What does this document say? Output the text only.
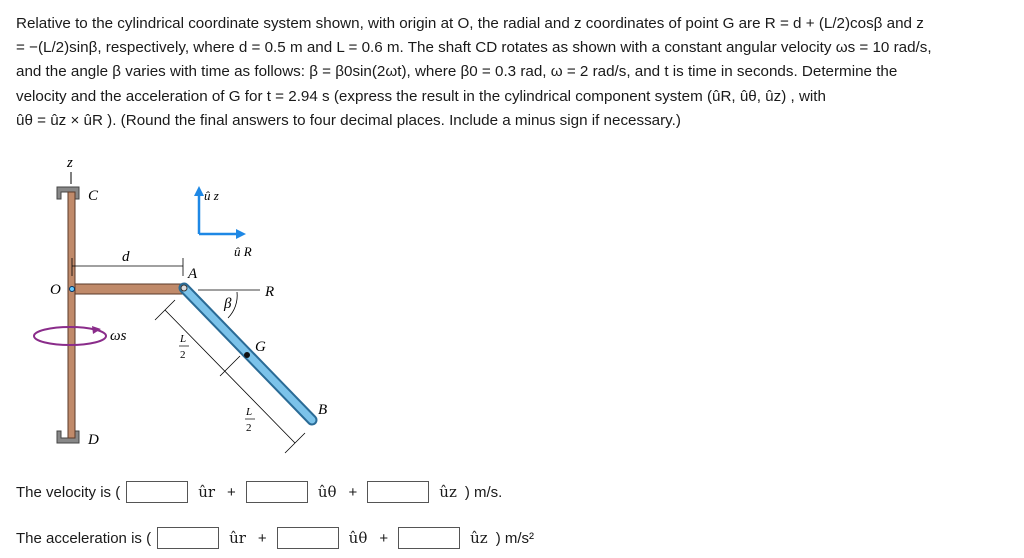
Relative to the cylindrical coordinate system shown, with origin at O, the radial and z coordinates of point G are R = d + (L/2)cosβ and z
= −(L/2)sinβ, respectively, where d = 0.5 m and L = 0.6 m. The shaft CD rotates as shown with a constant angular velocity ωs = 10 rad/s,
and the angle β varies with time as follows: β = β0sin(2ωt), where β0 = 0.3 rad, ω = 2 rad/s, and t is time in seconds. Determine the
velocity and the acceleration of G for t = 2.94 s (express the result in the cylindrical component system (ûR, ûθ, ûz) , with
ûθ = ûz × ûR ). (Round the final answers to four decimal places. Include a minus sign if necessary.)
z
C
D
O
d
A
R
G
B
β
L
2
L
2
ωs
û z
û R
The velocity is (	ûr +	ûθ +	ûz ) m/s.
The acceleration is (	ûr +	ûθ +	ûz ) m/s²
